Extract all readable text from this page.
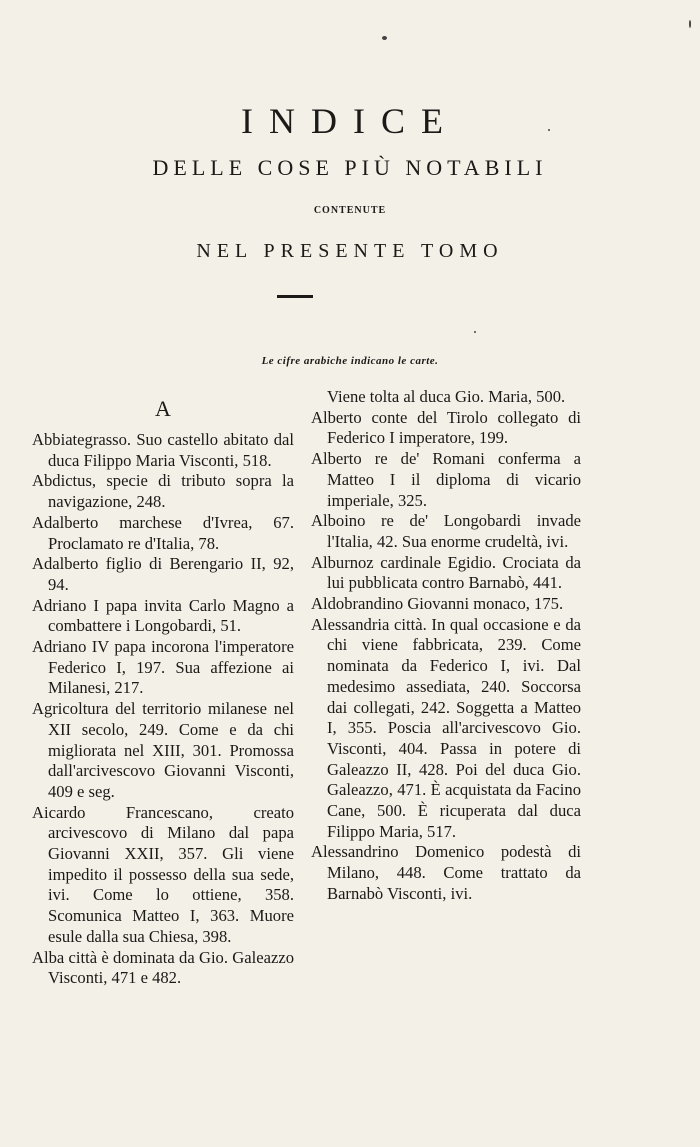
INDICE
DELLE COSE PIÙ NOTABILI
CONTENUTE
NEL PRESENTE TOMO
Le cifre arabiche indicano le carte.
A
Abbiategrasso. Suo castello abitato dal duca Filippo Maria Visconti, 518.
Abdictus, specie di tributo sopra la navigazione, 248.
Adalberto marchese d'Ivrea, 67. Proclamato re d'Italia, 78.
Adalberto figlio di Berengario II, 92, 94.
Adriano I papa invita Carlo Magno a combattere i Longobardi, 51.
Adriano IV papa incorona l'imperatore Federico I, 197. Sua affezione ai Milanesi, 217.
Agricoltura del territorio milanese nel XII secolo, 249. Come e da chi migliorata nel XIII, 301. Promossa dall'arcivescovo Giovanni Visconti, 409 e seg.
Aicardo Francescano, creato arcivescovo di Milano dal papa Giovanni XXII, 357. Gli viene impedito il possesso della sua sede, ivi. Come lo ottiene, 358. Scomunica Matteo I, 363. Muore esule dalla sua Chiesa, 398.
Alba città è dominata da Gio. Galeazzo Visconti, 471 e 482.
Viene tolta al duca Gio. Maria, 500.
Alberto conte del Tirolo collegato di Federico I imperatore, 199.
Alberto re de' Romani conferma a Matteo I il diploma di vicario imperiale, 325.
Alboino re de' Longobardi invade l'Italia, 42. Sua enorme crudeltà, ivi.
Alburnoz cardinale Egidio. Crociata da lui pubblicata contro Barnabò, 441.
Aldobrandino Giovanni monaco, 175.
Alessandria città. In qual occasione e da chi viene fabbricata, 239. Come nominata da Federico I, ivi. Dal medesimo assediata, 240. Soccorsa dai collegati, 242. Soggetta a Matteo I, 355. Poscia all'arcivescovo Gio. Visconti, 404. Passa in potere di Galeazzo II, 428. Poi del duca Gio. Galeazzo, 471. È acquistata da Facino Cane, 500. È ricuperata dal duca Filippo Maria, 517.
Alessandrino Domenico podestà di Milano, 448. Come trattato da Barnabò Visconti, ivi.
